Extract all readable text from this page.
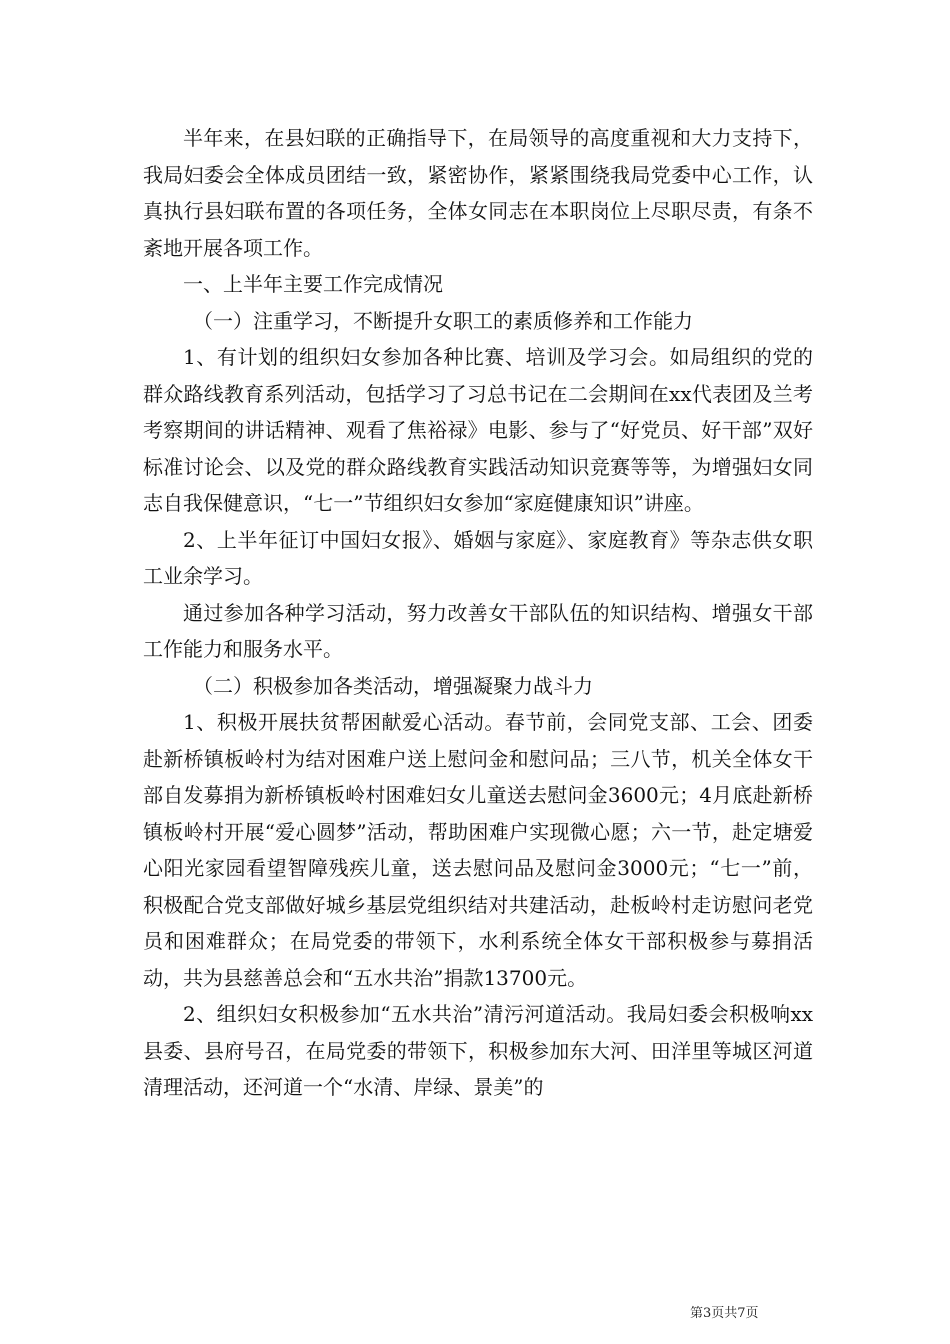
半年来，在县妇联的正确指导下，在局领导的高度重视和大力支持下，我局妇委会全体成员团结一致，紧密协作，紧紧围绕我局党委中心工作，认真执行县妇联布置的各项任务，全体女同志在本职岗位上尽职尽责，有条不紊地开展各项工作。

一、上半年主要工作完成情况

（一）注重学习，不断提升女职工的素质修养和工作能力

1、有计划的组织妇女参加各种比赛、培训及学习会。如局组织的党的群众路线教育系列活动，包括学习了习总书记在二会期间在xx代表团及兰考考察期间的讲话精神、观看了焦裕禄》电影、参与了“好党员、好干部”双好标准讨论会、以及党的群众路线教育实践活动知识竞赛等等，为增强妇女同志自我保健意识，“七一”节组织妇女参加“家庭健康知识”讲座。

2、上半年征订中国妇女报》、婚姻与家庭》、家庭教育》等杂志供女职工业余学习。

通过参加各种学习活动，努力改善女干部队伍的知识结构、增强女干部工作能力和服务水平。

（二）积极参加各类活动，增强凝聚力战斗力

1、积极开展扶贫帮困献爱心活动。春节前，会同党支部、工会、团委赴新桥镇板岭村为结对困难户送上慰问金和慰问品；三八节，机关全体女干部自发募捐为新桥镇板岭村困难妇女儿童送去慰问金3600元；4月底赴新桥镇板岭村开展“爱心圆梦”活动，帮助困难户实现微心愿；六一节，赴定塘爱心阳光家园看望智障残疾儿童，送去慰问品及慰问金3000元；“七一”前，积极配合党支部做好城乡基层党组织结对共建活动，赴板岭村走访慰问老党员和困难群众；在局党委的带领下，水利系统全体女干部积极参与募捐活动，共为县慈善总会和“五水共治”捐款13700元。

2、组织妇女积极参加“五水共治”清污河道活动。我局妇委会积极响xx县委、县府号召，在局党委的带领下，积极参加东大河、田洋里等城区河道清理活动，还河道一个“水清、岸绿、景美”的

第3页共7页
